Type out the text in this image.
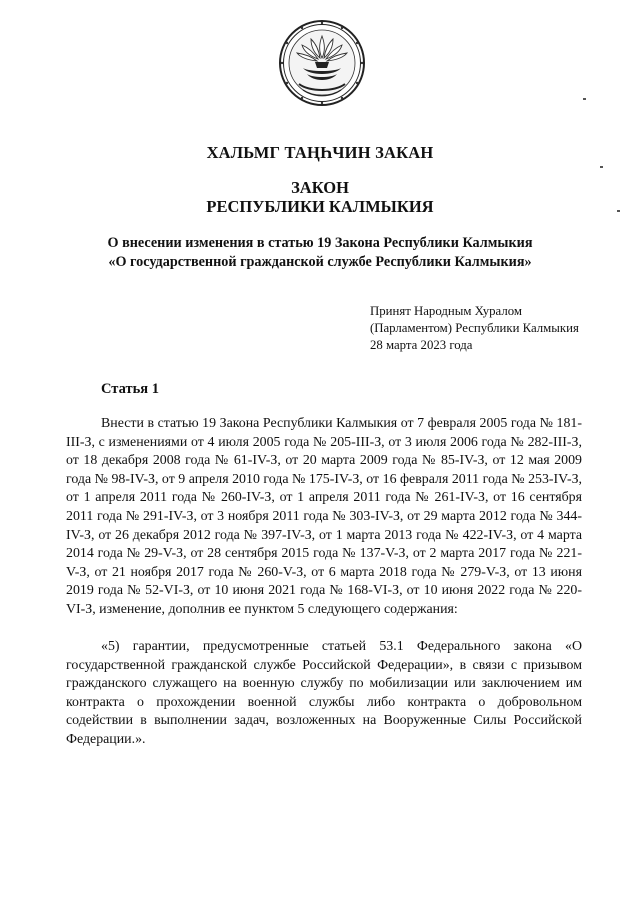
ХАЛЬМГ ТАҢҺЧИН ЗАКАН
ЗАКОН
РЕСПУБЛИКИ КАЛМЫКИЯ
О внесении изменения в статью 19 Закона Республики Калмыкия
«О государственной гражданской службе Республики Калмыкия»
Принят Народным Хуралом
(Парламентом) Республики Калмыкия
28 марта 2023 года
Статья 1
Внести в статью 19 Закона Республики Калмыкия от 7 февраля 2005 года № 181-III-З, с изменениями от 4 июля 2005 года № 205-III-З, от 3 июля 2006 года № 282-III-З, от 18 декабря 2008 года № 61-IV-З, от 20 марта 2009 года № 85-IV-З, от 12 мая 2009 года № 98-IV-З, от 9 апреля 2010 года № 175-IV-З, от 16 февраля 2011 года № 253-IV-З, от 1 апреля 2011 года № 260-IV-З, от 1 апреля 2011 года № 261-IV-З, от 16 сентября 2011 года № 291-IV-З, от 3 ноября 2011 года № 303-IV-З, от 29 марта 2012 года № 344-IV-З, от 26 декабря 2012 года № 397-IV-З, от 1 марта 2013 года № 422-IV-З, от 4 марта 2014 года № 29-V-З, от 28 сентября 2015 года № 137-V-З, от 2 марта 2017 года № 221-V-З, от 21 ноября 2017 года № 260-V-З, от 6 марта 2018 года № 279-V-З, от 13 июня 2019 года № 52-VI-З, от 10 июня 2021 года № 168-VI-З, от 10 июня 2022 года № 220-VI-З, изменение, дополнив ее пунктом 5 следующего содержания:
«5) гарантии, предусмотренные статьей 53.1 Федерального закона «О государственной гражданской службе Российской Федерации», в связи с призывом гражданского служащего на военную службу по мобилизации или заключением им контракта о прохождении военной службы либо контракта о добровольном содействии в выполнении задач, возложенных на Вооруженные Силы Российской Федерации.».
